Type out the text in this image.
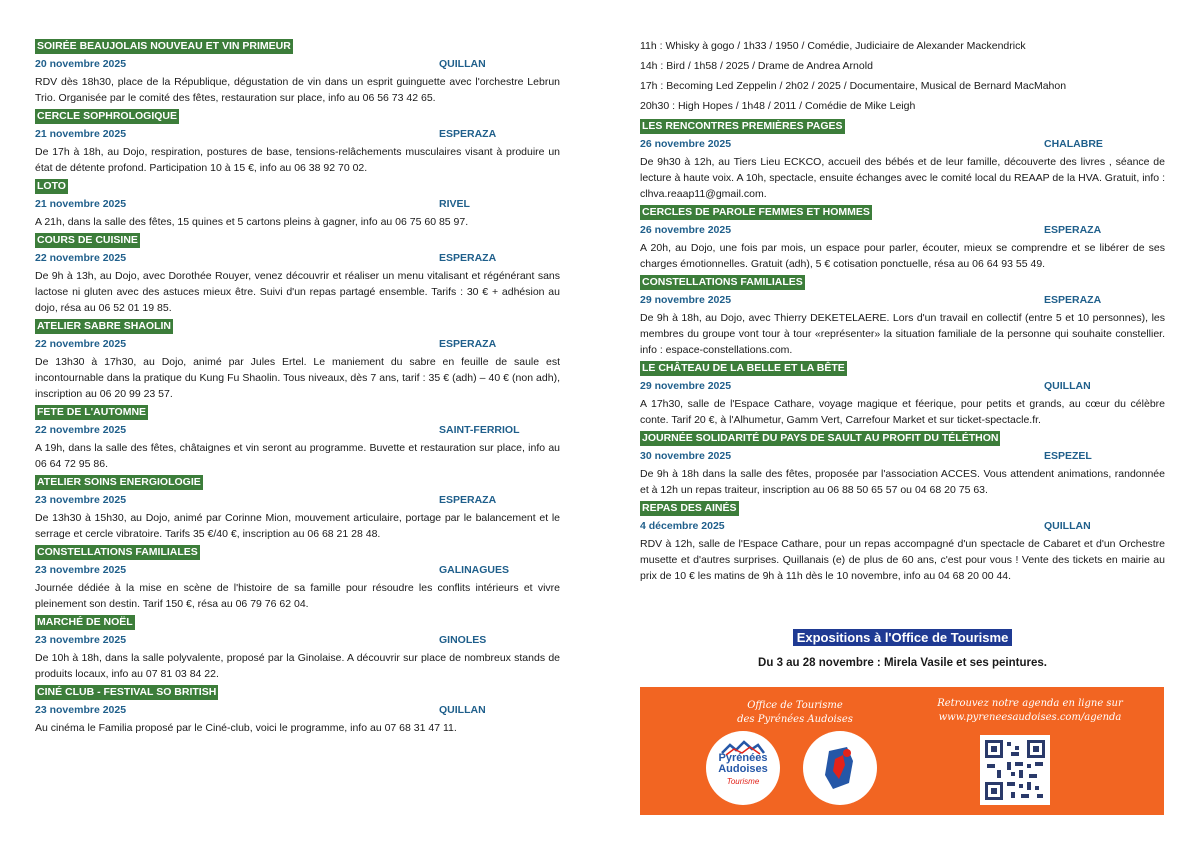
SOIRÉE BEAUJOLAIS NOUVEAU ET VIN PRIMEUR
20 novembre 2025	QUILLAN
RDV dès 18h30, place de la République, dégustation de vin dans un esprit guinguette avec l'orchestre Lebrun Trio. Organisée par le comité des fêtes, restauration sur place, info au 06 56 73 42 65.
CERCLE SOPHROLOGIQUE
21 novembre 2025	ESPERAZA
De 17h à 18h, au Dojo, respiration, postures de base, tensions-relâchements musculaires visant à produire un état de détente profond. Participation 10 à 15 €, info au 06 38 92 70 02.
LOTO
21 novembre 2025	RIVEL
A 21h, dans la salle des fêtes, 15 quines et 5 cartons pleins à gagner, info au 06 75 60 85 97.
COURS DE CUISINE
22 novembre 2025	ESPERAZA
De 9h à 13h, au Dojo, avec Dorothée Rouyer, venez découvrir et réaliser un menu vitalisant et régénérant sans lactose ni gluten avec des astuces mieux être. Suivi d'un repas partagé ensemble. Tarifs : 30 € + adhésion au dojo, résa au 06 52 01 19 85.
ATELIER SABRE SHAOLIN
22 novembre 2025	ESPERAZA
De 13h30 à 17h30, au Dojo, animé par Jules Ertel. Le maniement du sabre en feuille de saule est incontournable dans la pratique du Kung Fu Shaolin. Tous niveaux, dès 7 ans, tarif : 35 € (adh) – 40 € (non adh), inscription au 06 20 99 23 57.
FETE DE L'AUTOMNE
22 novembre 2025	SAINT-FERRIOL
A 19h, dans la salle des fêtes, châtaignes et vin seront au programme. Buvette et restauration sur place, info au 06 64 72 95 86.
ATELIER SOINS ENERGIOLOGIE
23 novembre 2025	ESPERAZA
De 13h30 à 15h30, au Dojo, animé par Corinne Mion, mouvement articulaire, portage par le balancement et le serrage et cercle vibratoire. Tarifs 35 €/40 €, inscription au 06 68 21 28 48.
CONSTELLATIONS FAMILIALES
23 novembre 2025	GALINAGUES
Journée dédiée à la mise en scène de l'histoire de sa famille pour résoudre les conflits intérieurs et vivre pleinement son destin. Tarif 150 €, résa au 06 79 76 62 04.
MARCHÉ DE NOËL
23 novembre 2025	GINOLES
De 10h à 18h, dans la salle polyvalente, proposé par la Ginolaise. A découvrir sur place de nombreux stands de produits locaux, info au 07 81 03 84 22.
CINÉ CLUB - FESTIVAL SO BRITISH
23 novembre 2025	QUILLAN
Au cinéma le Familia proposé par le Ciné-club, voici le programme, info au 07 68 31 47 11.
11h : Whisky à gogo / 1h33 / 1950 / Comédie, Judiciaire de Alexander Mackendrick
14h : Bird / 1h58 / 2025 / Drame de Andrea Arnold
17h : Becoming Led Zeppelin / 2h02 / 2025 / Documentaire, Musical de Bernard MacMahon
20h30 : High Hopes / 1h48 / 2011 / Comédie de Mike Leigh
LES RENCONTRES PREMIÈRES PAGES
26 novembre 2025	CHALABRE
De 9h30 à 12h, au Tiers Lieu ECKCO, accueil des bébés et de leur famille, découverte des livres , séance de lecture à haute voix. A 10h, spectacle, ensuite échanges avec le comité local du REAAP de la HVA. Gratuit, info : clhva.reaap11@gmail.com.
CERCLES DE PAROLE FEMMES ET HOMMES
26 novembre 2025	ESPERAZA
A 20h, au Dojo, une fois par mois, un espace pour parler, écouter, mieux se comprendre et se libérer de ses charges émotionnelles. Gratuit (adh), 5 € cotisation ponctuelle, résa au 06 64 93 55 49.
CONSTELLATIONS FAMILIALES
29 novembre 2025	ESPERAZA
De 9h à 18h, au Dojo, avec Thierry DEKETELAERE. Lors d'un travail en collectif (entre 5 et 10 personnes), les membres du groupe vont tour à tour «représenter» la situation familiale de la personne qui souhaite constellier. info : espace-constellations.com.
LE CHÂTEAU DE LA BELLE ET LA BÊTE
29 novembre 2025	QUILLAN
A 17h30, salle de l'Espace Cathare, voyage magique et féerique, pour petits et grands, au cœur du célèbre conte. Tarif 20 €, à l'Alhumetur, Gamm Vert, Carrefour Market et sur ticket-spectacle.fr.
JOURNÉE SOLIDARITÉ DU PAYS DE SAULT AU PROFIT DU TÉLÉTHON
30 novembre 2025	ESPEZEL
De 9h à 18h dans la salle des fêtes, proposée par l'association ACCES. Vous attendent animations, randonnée et à 12h un repas traiteur, inscription au 06 88 50 65 57 ou 04 68 20 75 63.
REPAS DES AINÉS
4 décembre 2025	QUILLAN
RDV à 12h, salle de l'Espace Cathare, pour un repas accompagné d'un spectacle de Cabaret et d'un Orchestre musette et d'autres surprises. Quillanais (e) de plus de 60 ans, c'est pour vous ! Vente des tickets en mairie au prix de 10 € les matins de 9h à 11h dès le 10 novembre, info au 04 68 20 00 44.
Expositions à l'Office de Tourisme
Du 3 au 28 novembre : Mirela Vasile et ses peintures.
Office de Tourisme
des Pyrénées Audoises
Retrouvez notre agenda en ligne sur
www.pyreneesaudoises.com/agenda
Pyrénées
Audoises
Tourisme
